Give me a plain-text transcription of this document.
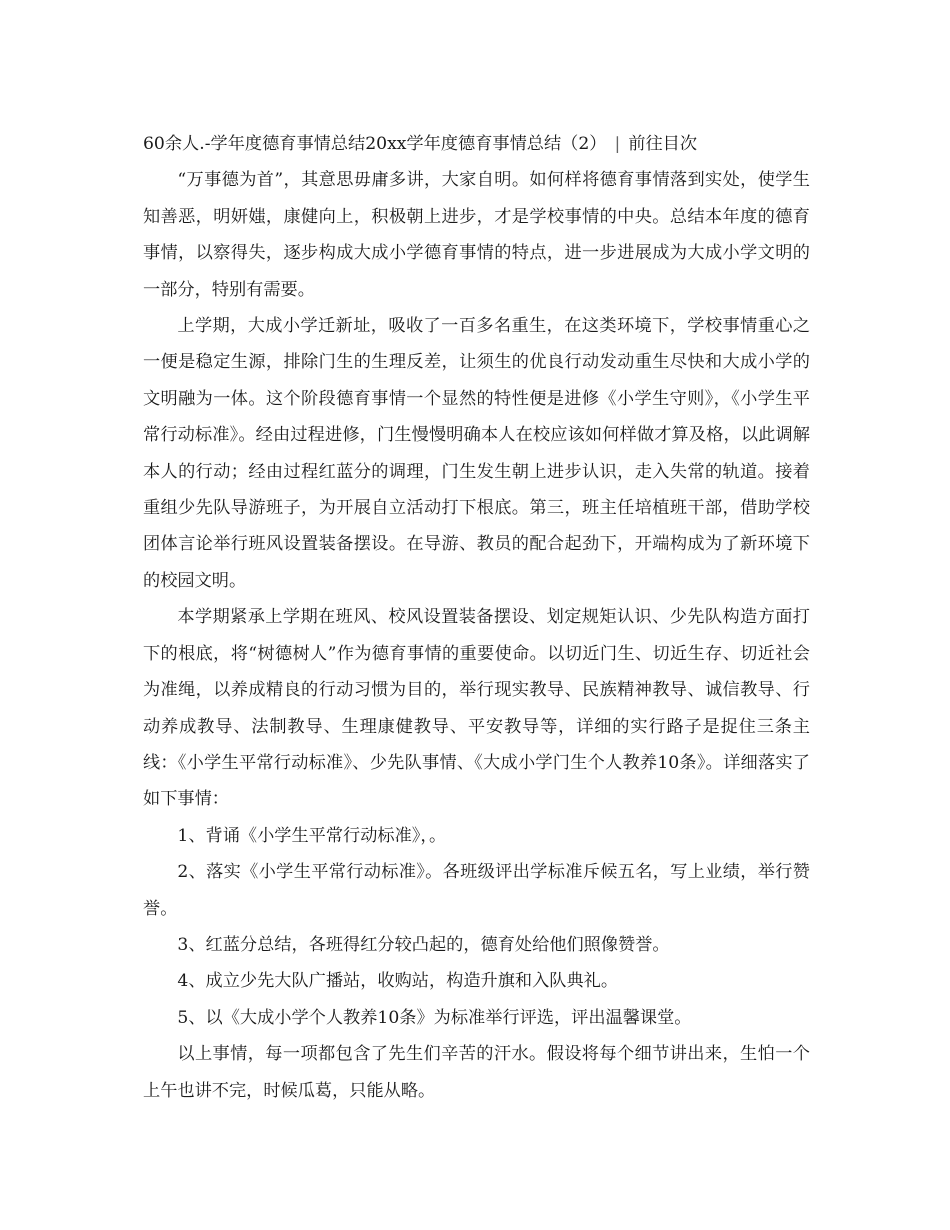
60余人.-学年度德育事情总结20xx学年度德育事情总结（2） | 前往目次

“万事德为首”，其意思毋庸多讲，大家自明。如何样将德育事情落到实处，使学生知善恶，明妍媸，康健向上，积极朝上进步，才是学校事情的中央。总结本年度的德育事情，以察得失，逐步构成大成小学德育事情的特点，进一步进展成为大成小学文明的一部分，特别有需要。

上学期，大成小学迁新址，吸收了一百多名重生，在这类环境下，学校事情重心之一便是稳定生源，排除门生的生理反差，让须生的优良行动发动重生尽快和大成小学的文明融为一体。这个阶段德育事情一个显然的特性便是进修《小学生守则》，《小学生平常行动标准》。经由过程进修，门生慢慢明确本人在校应该如何样做才算及格，以此调解本人的行动；经由过程红蓝分的调理，门生发生朝上进步认识，走入失常的轨道。接着重组少先队导游班子，为开展自立活动打下根底。第三，班主任培植班干部，借助学校团体言论举行班风设置装备摆设。在导游、教员的配合起劲下，开端构成为了新环境下的校园文明。

本学期紧承上学期在班风、校风设置装备摆设、划定规矩认识、少先队构造方面打下的根底，将“树德树人”作为德育事情的重要使命。以切近门生、切近生存、切近社会为准绳，以养成精良的行动习惯为目的，举行现实教导、民族精神教导、诚信教导、行动养成教导、法制教导、生理康健教导、平安教导等，详细的实行路子是捉住三条主线：《小学生平常行动标准》、少先队事情、《大成小学门生个人教养10条》。详细落实了如下事情：

1、背诵《小学生平常行动标准》，。

2、落实《小学生平常行动标准》。各班级评出学标准斥候五名，写上业绩，举行赞誉。

3、红蓝分总结，各班得红分较凸起的，德育处给他们照像赞誉。

4、成立少先大队广播站，收购站，构造升旗和入队典礼。

5、以《大成小学个人教养10条》为标准举行评选，评出温馨课堂。

以上事情，每一项都包含了先生们辛苦的汗水。假设将每个细节讲出来，生怕一个上午也讲不完，时候瓜葛，只能从略。
